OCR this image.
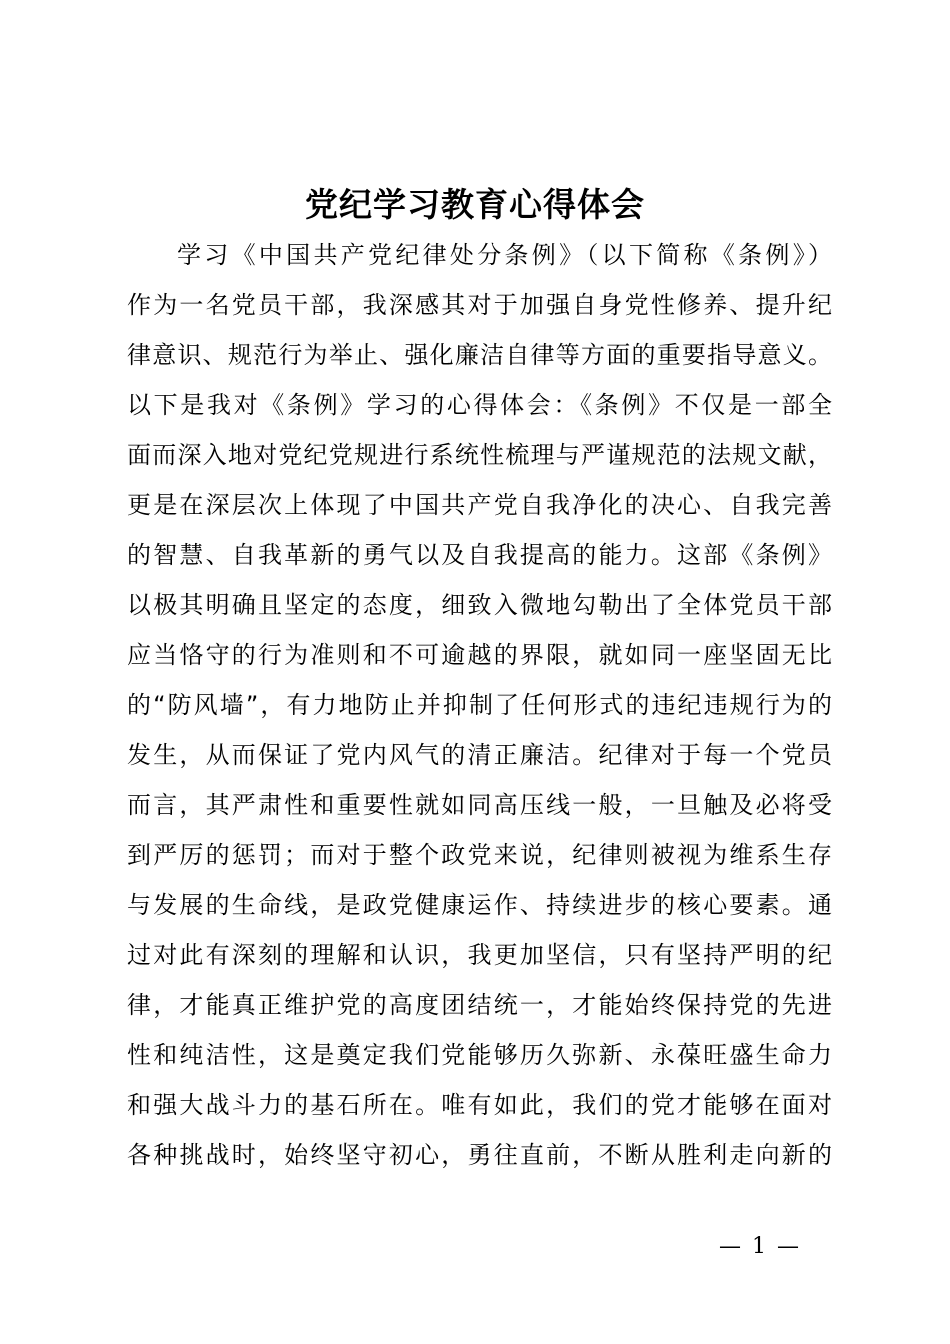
党纪学习教育心得体会
学习《中国共产党纪律处分条例》（以下简称《条例》）
作为一名党员干部，我深感其对于加强自身党性修养、提升纪
律意识、规范行为举止、强化廉洁自律等方面的重要指导意义。
以下是我对《条例》学习的心得体会：《条例》不仅是一部全
面而深入地对党纪党规进行系统性梳理与严谨规范的法规文献，
更是在深层次上体现了中国共产党自我净化的决心、自我完善
的智慧、自我革新的勇气以及自我提高的能力。这部《条例》
以极其明确且坚定的态度，细致入微地勾勒出了全体党员干部
应当恪守的行为准则和不可逾越的界限，就如同一座坚固无比
的“防风墙”，有力地防止并抑制了任何形式的违纪违规行为的
发生，从而保证了党内风气的清正廉洁。纪律对于每一个党员
而言，其严肃性和重要性就如同高压线一般，一旦触及必将受
到严厉的惩罚；而对于整个政党来说，纪律则被视为维系生存
与发展的生命线，是政党健康运作、持续进步的核心要素。通
过对此有深刻的理解和认识，我更加坚信，只有坚持严明的纪
律，才能真正维护党的高度团结统一，才能始终保持党的先进
性和纯洁性，这是奠定我们党能够历久弥新、永葆旺盛生命力
和强大战斗力的基石所在。唯有如此，我们的党才能够在面对
各种挑战时，始终坚守初心，勇往直前，不断从胜利走向新的
— 1 —
